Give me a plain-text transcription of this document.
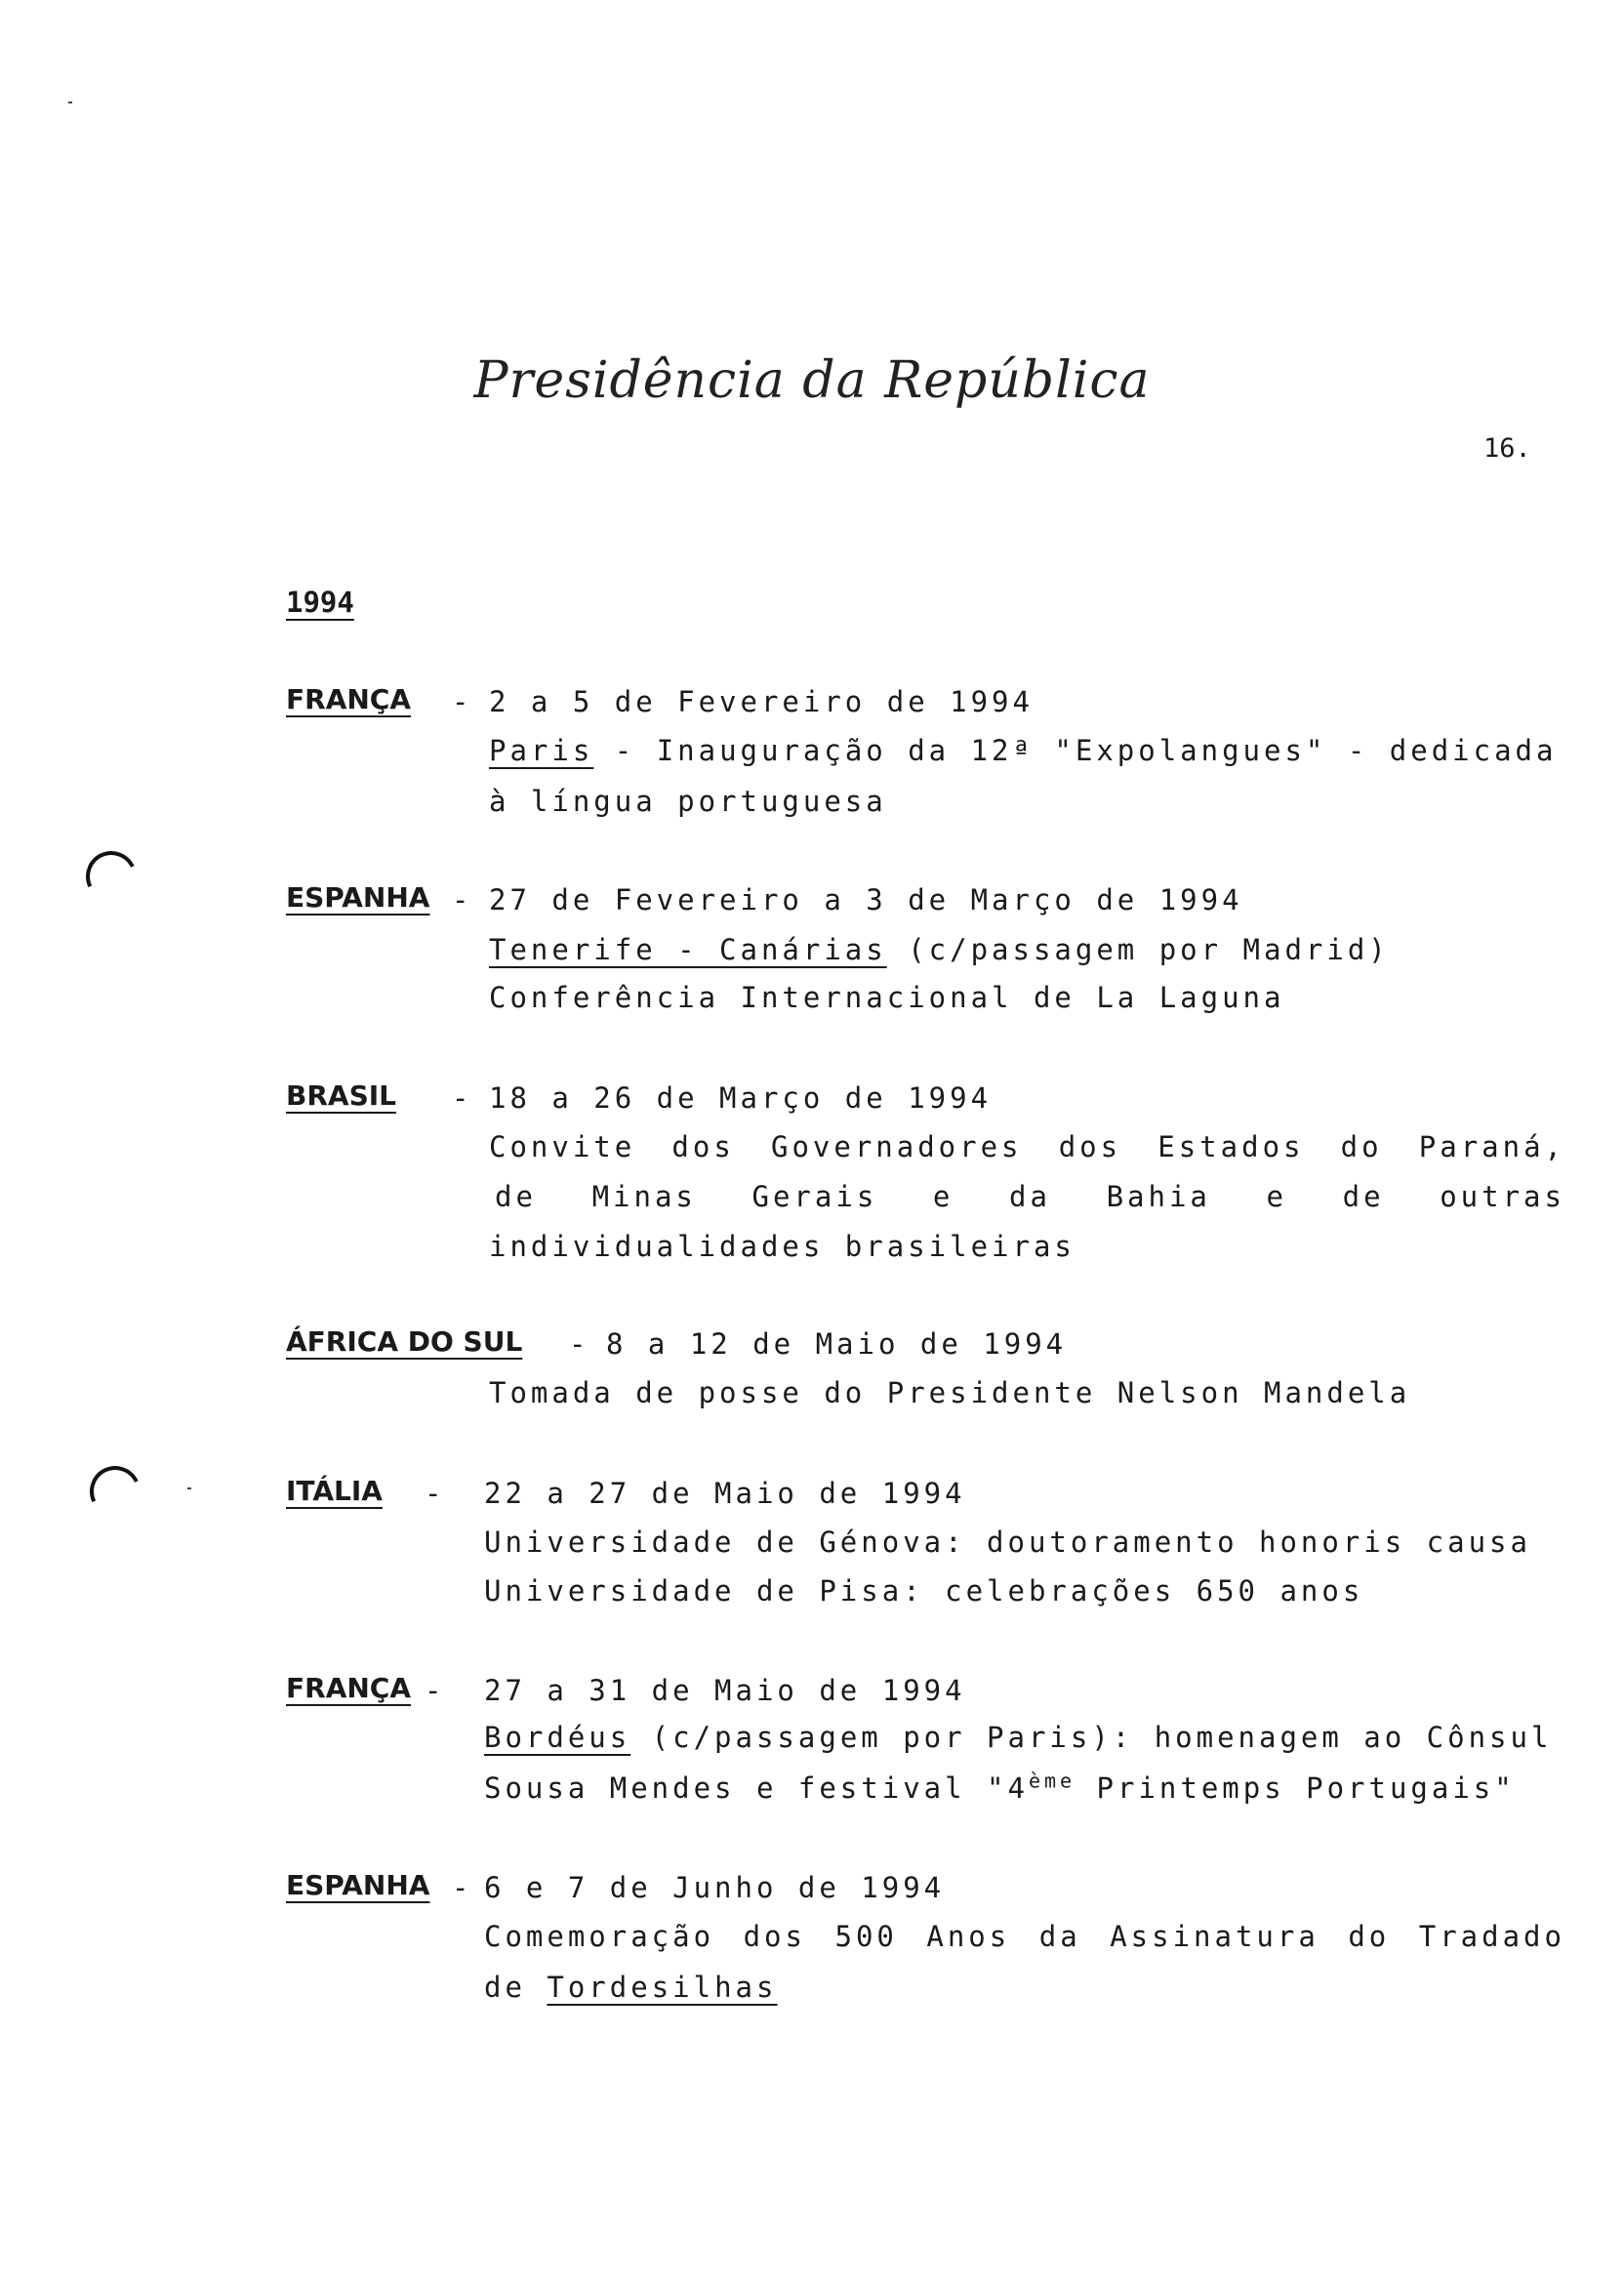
Presidência da República
16.
1994
FRANÇA - 2 a 5 de Fevereiro de 1994
Paris - Inauguração da 12ª "Expolangues" - dedicada
à língua portuguesa
ESPANHA - 27 de Fevereiro a 3 de Março de 1994
Tenerife - Canárias (c/passagem por Madrid)
Conferência Internacional de La Laguna
BRASIL - 18 a 26 de Março de 1994
Convite dos Governadores dos Estados do Paraná,
de Minas Gerais e da Bahia e de outras
individualidades brasileiras
ÁFRICA DO SUL - 8 a 12 de Maio de 1994
Tomada de posse do Presidente Nelson Mandela
ITÁLIA - 22 a 27 de Maio de 1994
Universidade de Génova: doutoramento honoris causa
Universidade de Pisa: celebrações 650 anos
FRANÇA - 27 a 31 de Maio de 1994
Bordéus (c/passagem por Paris): homenagem ao Cônsul
Sousa Mendes e festival "4ème Printemps Portugais"
ESPANHA - 6 e 7 de Junho de 1994
Comemoração dos 500 Anos da Assinatura do Tradado
de Tordesilhas
